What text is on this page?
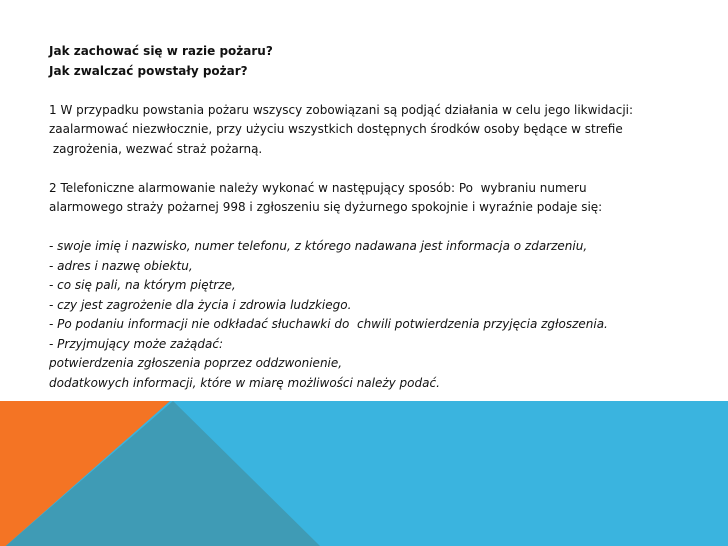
Jak zachować się w razie pożaru?
Jak zwalczać powstały pożar?
1 W przypadku powstania pożaru wszyscy zobowiązani są podjąć działania w celu jego likwidacji:
zaalarmować niezwłocznie, przy użyciu wszystkich dostępnych środków osoby będące w strefie
zagrożenia, wezwać straż pożarną.
2 Telefoniczne alarmowanie należy wykonać w następujący sposób: Po  wybraniu numeru
alarmowego straży pożarnej 998 i zgłoszeniu się dyżurnego spokojnie i wyraźnie podaje się:
- swoje imię i nazwisko, numer telefonu, z którego nadawana jest informacja o zdarzeniu,
- adres i nazwę obiektu,
- co się pali, na którym piętrze,
- czy jest zagrożenie dla życia i zdrowia ludzkiego.
- Po podaniu informacji nie odkładać słuchawki do  chwili potwierdzenia przyjęcia zgłoszenia.
- Przyjmujący może zażądać:
potwierdzenia zgłoszenia poprzez oddzwonienie,
dodatkowych informacji, które w miarę możliwości należy podać.
